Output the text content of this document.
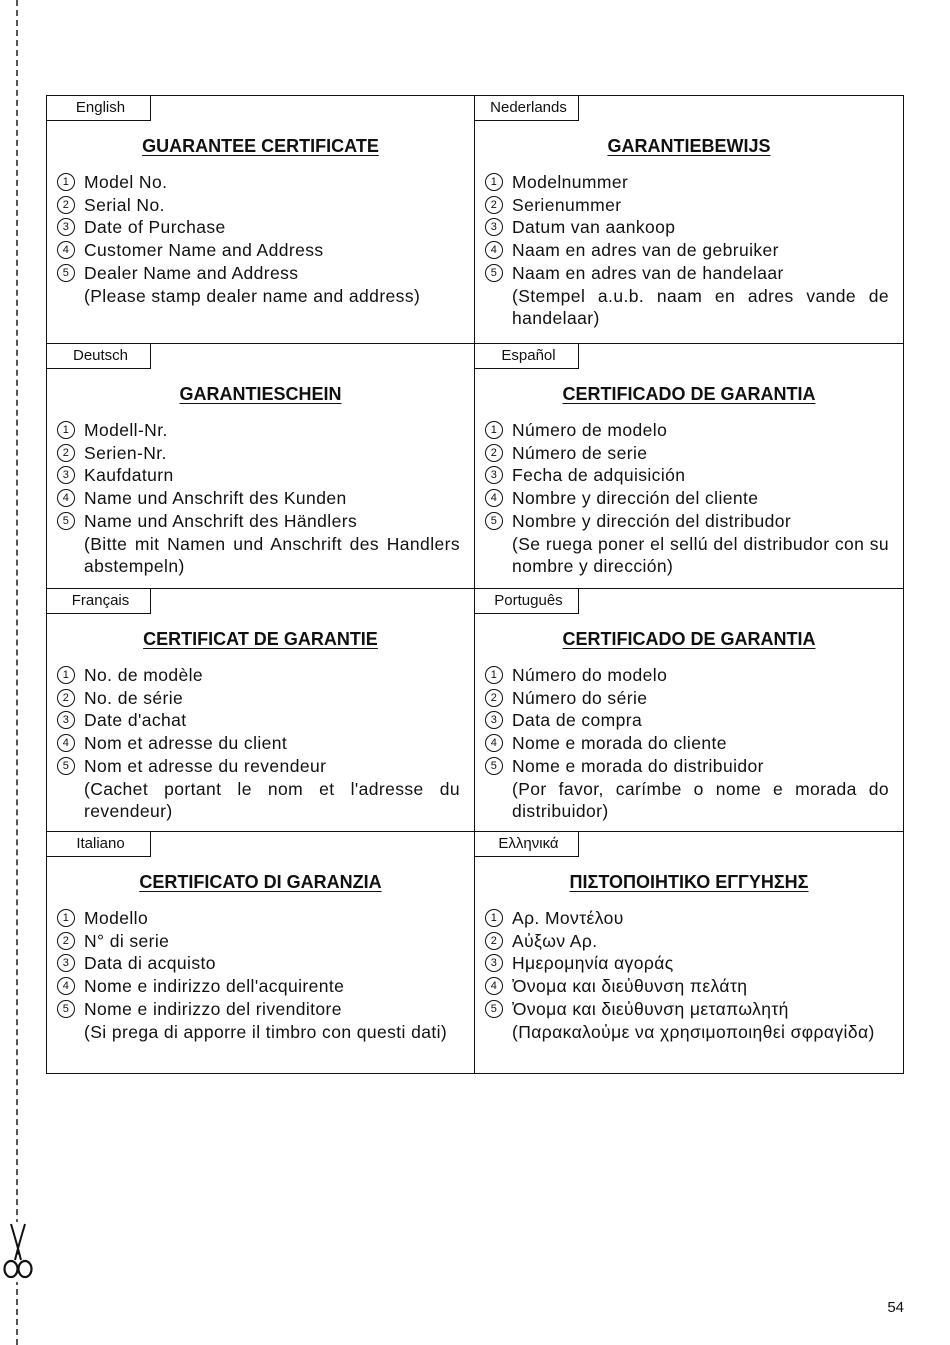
English
GUARANTEE CERTIFICATE
1 Model No.
2 Serial No.
3 Date of Purchase
4 Customer Name and Address
5 Dealer Name and Address

(Please stamp dealer name and address)

Nederlands
GARANTIEBEWIJS
1 Modelnummer
2 Serienummer
3 Datum van aankoop
4 Naam en adres van de gebruiker
5 Naam en adres van de handelaar

(Stempel a.u.b. naam en adres vande de handelaar)

Deutsch
GARANTIESCHEIN
1 Modell-Nr.
2 Serien-Nr.
3 Kaufdaturn
4 Name und Anschrift des Kunden
5 Name und Anschrift des Händlers

(Bitte mit Namen und Anschrift des Handlers abstempeln)

Español
CERTIFICADO DE GARANTIA
1 Número de modelo
2 Número de serie
3 Fecha de adquisición
4 Nombre y dirección del cliente
5 Nombre y dirección del distribudor

(Se ruega poner el sellú del distribudor con su nombre y dirección)

Français
CERTIFICAT DE GARANTIE
1 No. de modèle
2 No. de série
3 Date d'achat
4 Nom et adresse du client
5 Nom et adresse du revendeur

(Cachet portant le nom et l'adresse du revendeur)

Português
CERTIFICADO DE GARANTIA
1 Número do modelo
2 Número do série
3 Data de compra
4 Nome e morada do cliente
5 Nome e morada do distribuidor

(Por favor, carímbe o nome e morada do distribuidor)

Italiano
CERTIFICATO DI GARANZIA
1 Modello
2 N° di serie
3 Data di acquisto
4 Nome e indirizzo dell'acquirente
5 Nome e indirizzo del rivenditore

(Si prega di apporre il timbro con questi dati)

Ελληνικά
ΠΙΣΤΟΠΟΙΗΤΙΚΟ ΕΓΓΥΗΣΗΣ
1 Αρ. Μοντέλου
2 Αὐξων Αρ.
3 Ημερομηνία αγοράς
4 Ὀνομα και διεὐθυνση πελάτη
5 Ὀνομα και διεὐθυνση μεταπωλητή

(Παρακαλοὐμε να χρησιμοποιηθεἱ σφραγἱδα)

54
